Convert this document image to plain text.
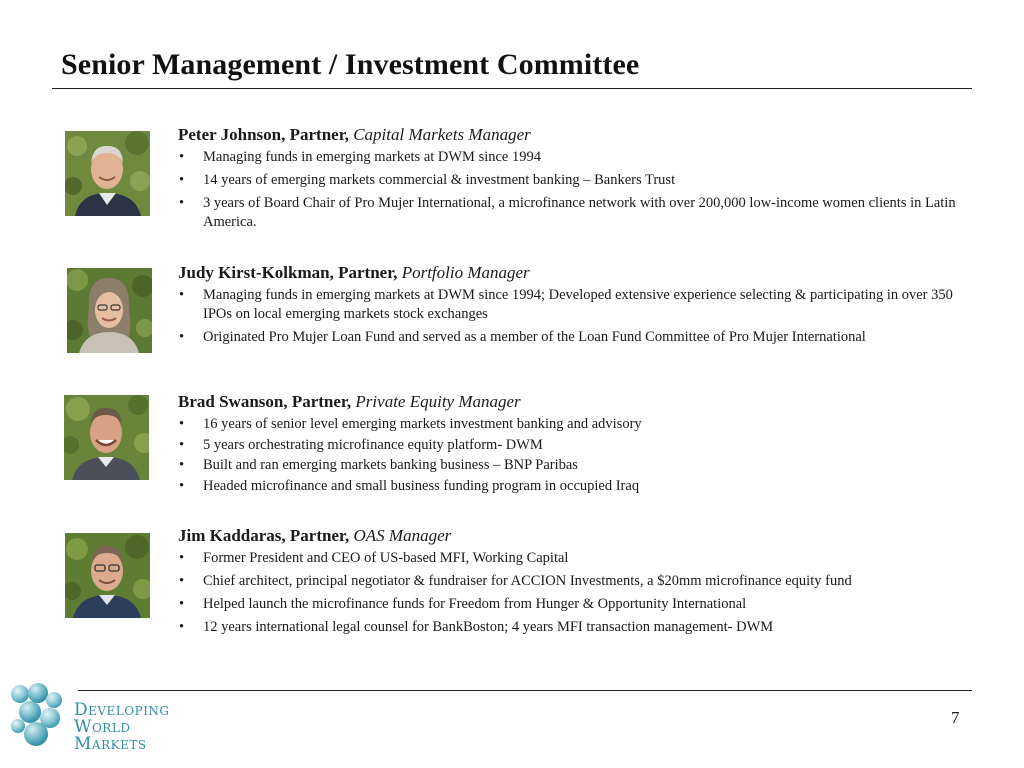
Senior Management / Investment Committee

Peter Johnson, Partner, Capital Markets Manager

• Managing funds in emerging markets at DWM since 1994
• 14 years of emerging markets commercial & investment banking – Bankers Trust
• 3 years of Board Chair of Pro Mujer International, a microfinance network with over 200,000 low-income women clients in Latin America.

Judy Kirst-Kolkman, Partner, Portfolio Manager

• Managing funds in emerging markets at DWM since 1994; Developed extensive experience selecting & participating in over 350 IPOs on local emerging markets stock exchanges
• Originated Pro Mujer Loan Fund and served as a member of the Loan Fund Committee of Pro Mujer International

Brad Swanson, Partner, Private Equity Manager

• 16 years of senior level emerging markets investment banking and advisory
• 5 years orchestrating microfinance equity platform- DWM
• Built and ran emerging markets banking business – BNP Paribas
• Headed microfinance and small business funding program in occupied Iraq

Jim Kaddaras, Partner, OAS Manager

• Former President and CEO of US-based MFI, Working Capital
• Chief architect, principal negotiator & fundraiser for ACCION Investments, a $20mm microfinance equity fund
• Helped launch the microfinance funds for Freedom from Hunger & Opportunity International
• 12 years international legal counsel for BankBoston; 4 years MFI transaction management- DWM
Developing
World
Markets
7
